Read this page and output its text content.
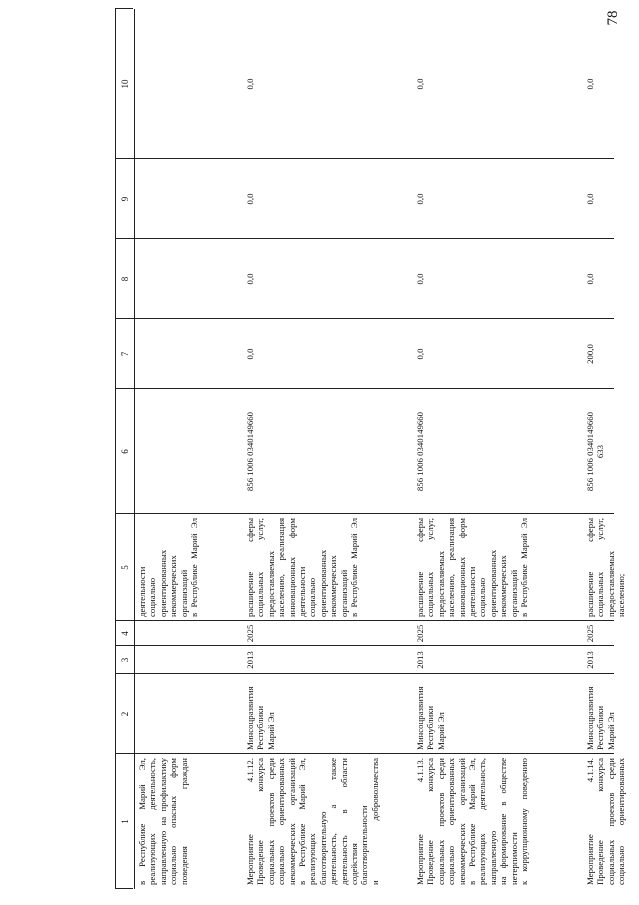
78
1
2
3
4
5
6
7
8
9
10
в Республике Марий Эл, реализующих деятельность, направленную на профилактику социально опасных форм поведения граждан
деятельности социально ориентированных некоммерческих организаций в Республике Марий Эл
Мероприятие 4.1.12. Проведение конкурса социальных проектов среди социально ориентированных некоммерческих организаций в Республике Марий Эл, реализующих благотворительную деятельность, а также деятельность в области содействия благотворительности и добровольчества
Минсоцразвития Республики Марий Эл
2013
2025
расширение сферы социальных услуг, предоставляемых населению, реализация инновационных форм деятельности социально ориентированных некоммерческих организаций в Республике Марий Эл
856 1006 0340149660
0,0
0,0
0,0
0,0
Мероприятие 4.1.13. Проведение конкурса социальных проектов среди социально ориентированных некоммерческих организаций в Республике Марий Эл, реализующих деятельность, направленную на формирование в обществе нетерпимости к коррупционному поведению
Минсоцразвития Республики Марий Эл
2013
2025
расширение сферы социальных услуг, предоставляемых населению, реализация инновационных форм деятельности социально ориентированных некоммерческих организаций в Республике Марий Эл
856 1006 0340149660
0,0
0,0
0,0
0,0
Мероприятие 4.1.14. Проведение конкурса социальных проектов среди социально ориентированных
Минсоцразвития Республики Марий Эл
2013
2025
расширение сферы социальных услуг, предоставляемых населению;
856 1006 0340149660 633
200,0
0,0
0,0
0,0
